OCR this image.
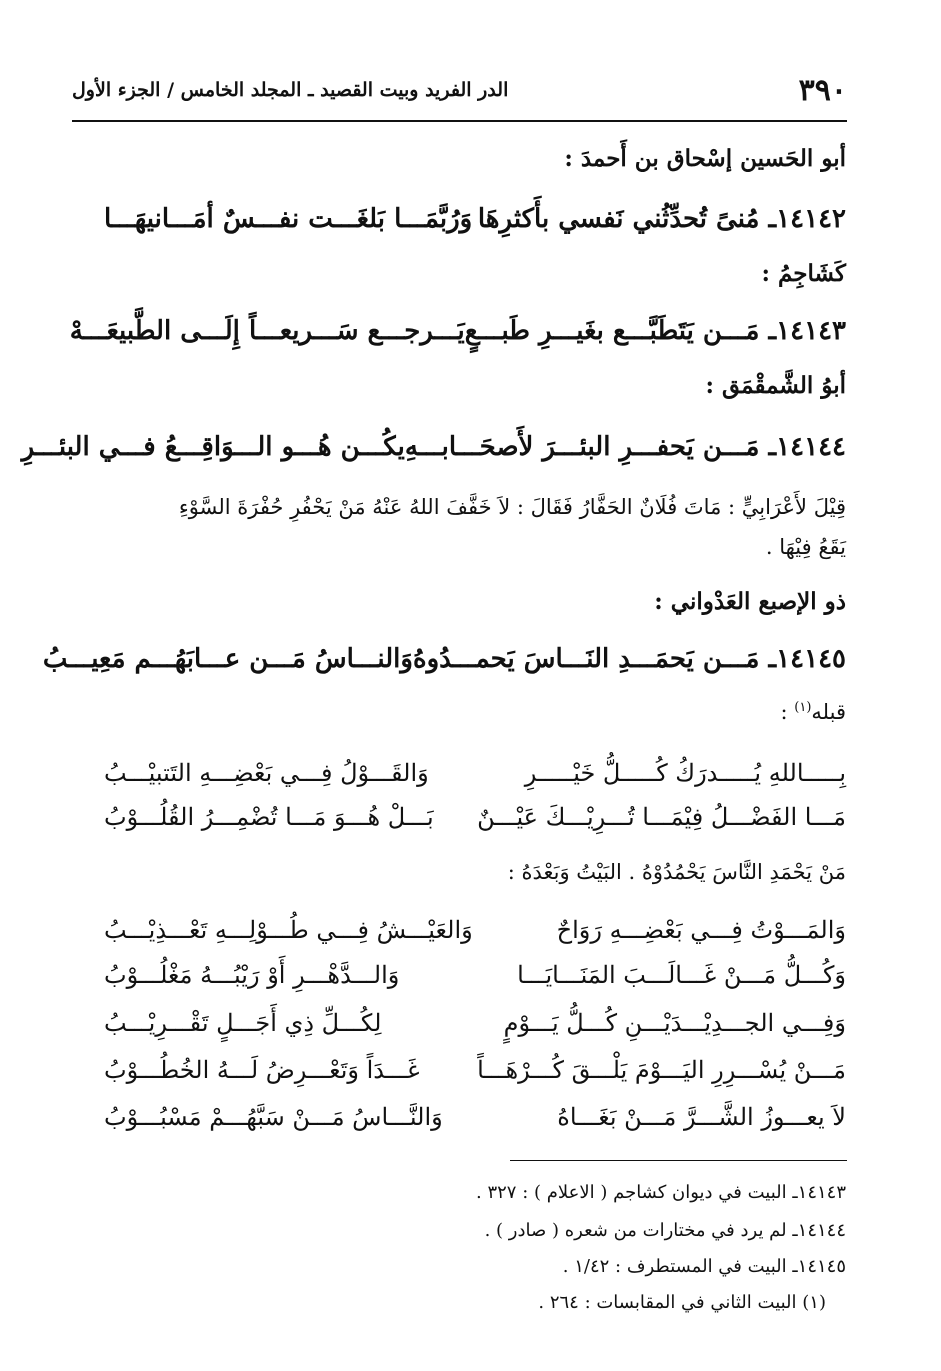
٣٩٠
الدر الفريد وبيت القصيد ـ المجلد الخامس / الجزء الأول
أبو الحَسين إسْحاق بن أَحمدَ :
١٤١٤٢ـ مُنىً تُحدِّثُني نَفسي بأَكثرِهَا
وَرُبَّمَـــا بَلغَـــت نفـــسٌ أمَـــانيهَـــا
كَشَاجِمُ :
١٤١٤٣ـ مَـــن يَتَطَبَّـــع بغَيـــرِ طَبـــعٍ
يَـــرجـــع سَـــريعـــاً إِلَـــى الطَّبيعَـــهْ
أبوُ الشَّمقْمَق :
١٤١٤٤ـ مَـــن يَحفـــرِ البئـــرَ لأَصحَـــابـــهِ
يكُـــن هُـــو الـــوَاقِـــعُ فـــي البئـــرِ
قِيْلَ لأَعْرَابِيٍّ : مَاتَ فُلَانٌ الحَفَّارُ فَقَالَ : لاَ خَفَّفَ اللهُ عَنْهُ مَنْ يَحْفُرِ حُفْرَةَ السَّوْءِ
يَقَعُ فِيْهَا .
ذو الإصبع العَدْواني :
١٤١٤٥ـ مَـــن يَحمَـــدِ النَـــاسَ يَحمـــدُوهُ
وَالنـــاسُ مَـــن عـــابَهُـــم مَعِيـــبُ
قبله$^{(١)}$ :
بِـــــاللهِ يُـــــدرَكُ كُـــــلُّ خَيْـــــرِ
وَالقَـــوْلُ فِـــي بَعْضِـــهِ التَتبيْـــبُ
مَـــا الفَضْـــلُ فِيْمَـــا تُـــرِيْـــكَ عَيْـــنٌ
بَـــلْ هُـــوَ مَـــا تُضْمِـــرُ القُلُـــوْبُ
مَنْ يَحْمَدِ النَّاسَ يَحْمُدُوْهُ . البَيْتُ وَبَعْدَهُ :
وَالمَـــوْتُ فِـــي بَعْضِـــهِ رَوَاحٌ
وَالعَيْـــشُ فِـــي طُـــوْلِـــهِ تَعْـــذِيْـــبُ
وَكُـــلُّ مَـــنْ غَـــالَـــبَ المَنَـــايَـــا
وَالـــدَّهْـــرِ أَوْ رَيْبُـــهُ مَغْلُـــوْبُ
وَفِـــي الجـــدِيْـــدَيْـــنِ كُـــلُّ يَـــوْمٍ
لِكُـــلِّ ذِي أَجَـــلٍ تَقْـــرِيْـــبُ
مَـــنْ يُسْـــرِرِ اليَـــوْمَ يَلْـــقَ كُـــرْهَـــاً
غَـــدَاً وَتَعْـــرِضُ لَـــهُ الخُطُـــوْبُ
لاَ يعـــوزُ الشَّـــرَّ مَـــنْ بَغَـــاهُ
وَالنَّـــاسُ مَـــنْ سَبَّهُـــمْ مَسْبُـــوْبُ
١٤١٤٣ـ البيت في ديوان كشاجم ( الاعلام ) : ٣٢٧ .
١٤١٤٤ـ لم يرد في مختارات من شعره ( صادر ) .
١٤١٤٥ـ البيت في المستطرف : ١/٤٢ .
(١) البيت الثاني في المقابسات : ٢٦٤ .
